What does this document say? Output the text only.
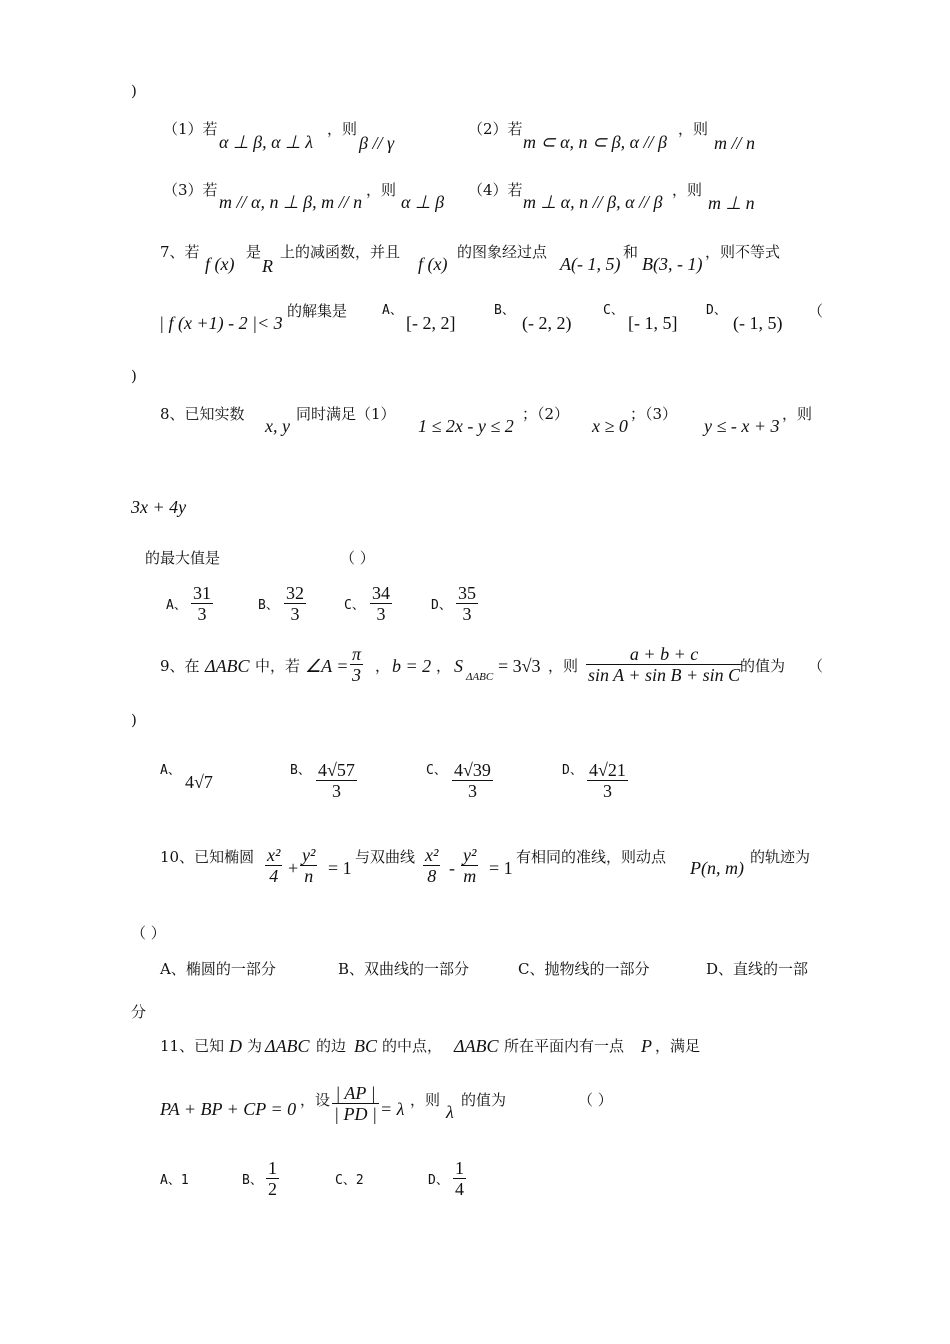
)
（1）若
α ⊥ β, α ⊥ λ
，则
β // γ
（2）若
m ⊂ α, n ⊂ β, α // β
，则
m // n
（3）若
m // α, n ⊥ β, m // n
，则
α ⊥ β
（4）若
m ⊥ α, n // β, α // β
，则
m ⊥ n
7、若
f (x)
是
R
上的减函数，并且
f (x)
的图象经过点
A(- 1, 5)
和
B(3, - 1)
，则不等式
| f (x +1) - 2 |< 3
的解集是	A、
[- 2, 2]
B、
(- 2, 2)
C、
[- 1, 5]
D、
(- 1, 5)
（
)
8、已知实数
x, y
同时满足（1）
1 ≤ 2x - y ≤ 2
；（2）
x ≥ 0
；（3）
y ≤ - x + 3
，则
3x + 4y
的最大值是	（ ）
A、
31
3	B、
32
3	C、
34
3	D、
35
3
9、在 ΔABC 中，若 ∠A =
π
3 ， b = 2 ， S
ΔABC
= 3√3 ，则
a + b + c
sin A + sin B + sin C 的值为 （
)
A、
4√7
B、 4√57
3
C、 4√39
3
D、 4√21
3
10、已知椭圆 x²
4 +
y²
n = 1
与双曲线 x²
8 -
y²
m = 1
有相同的准线，则动点
P(n, m)
的轨迹为
（ ）
A、椭圆的一部分	B、双曲线的一部分	C、抛物线的一部分	D、直线的一部
分
11、已知 D 为 ΔABC 的边 BC 的中点， ΔABC 所在平面内有一点 P ，满足
PA + BP + CP = 0 ，设 | AP |
| PD | = λ ，则
λ
的值为	（ ）
A、1	B、
1
2	C、2	D、
1
4
